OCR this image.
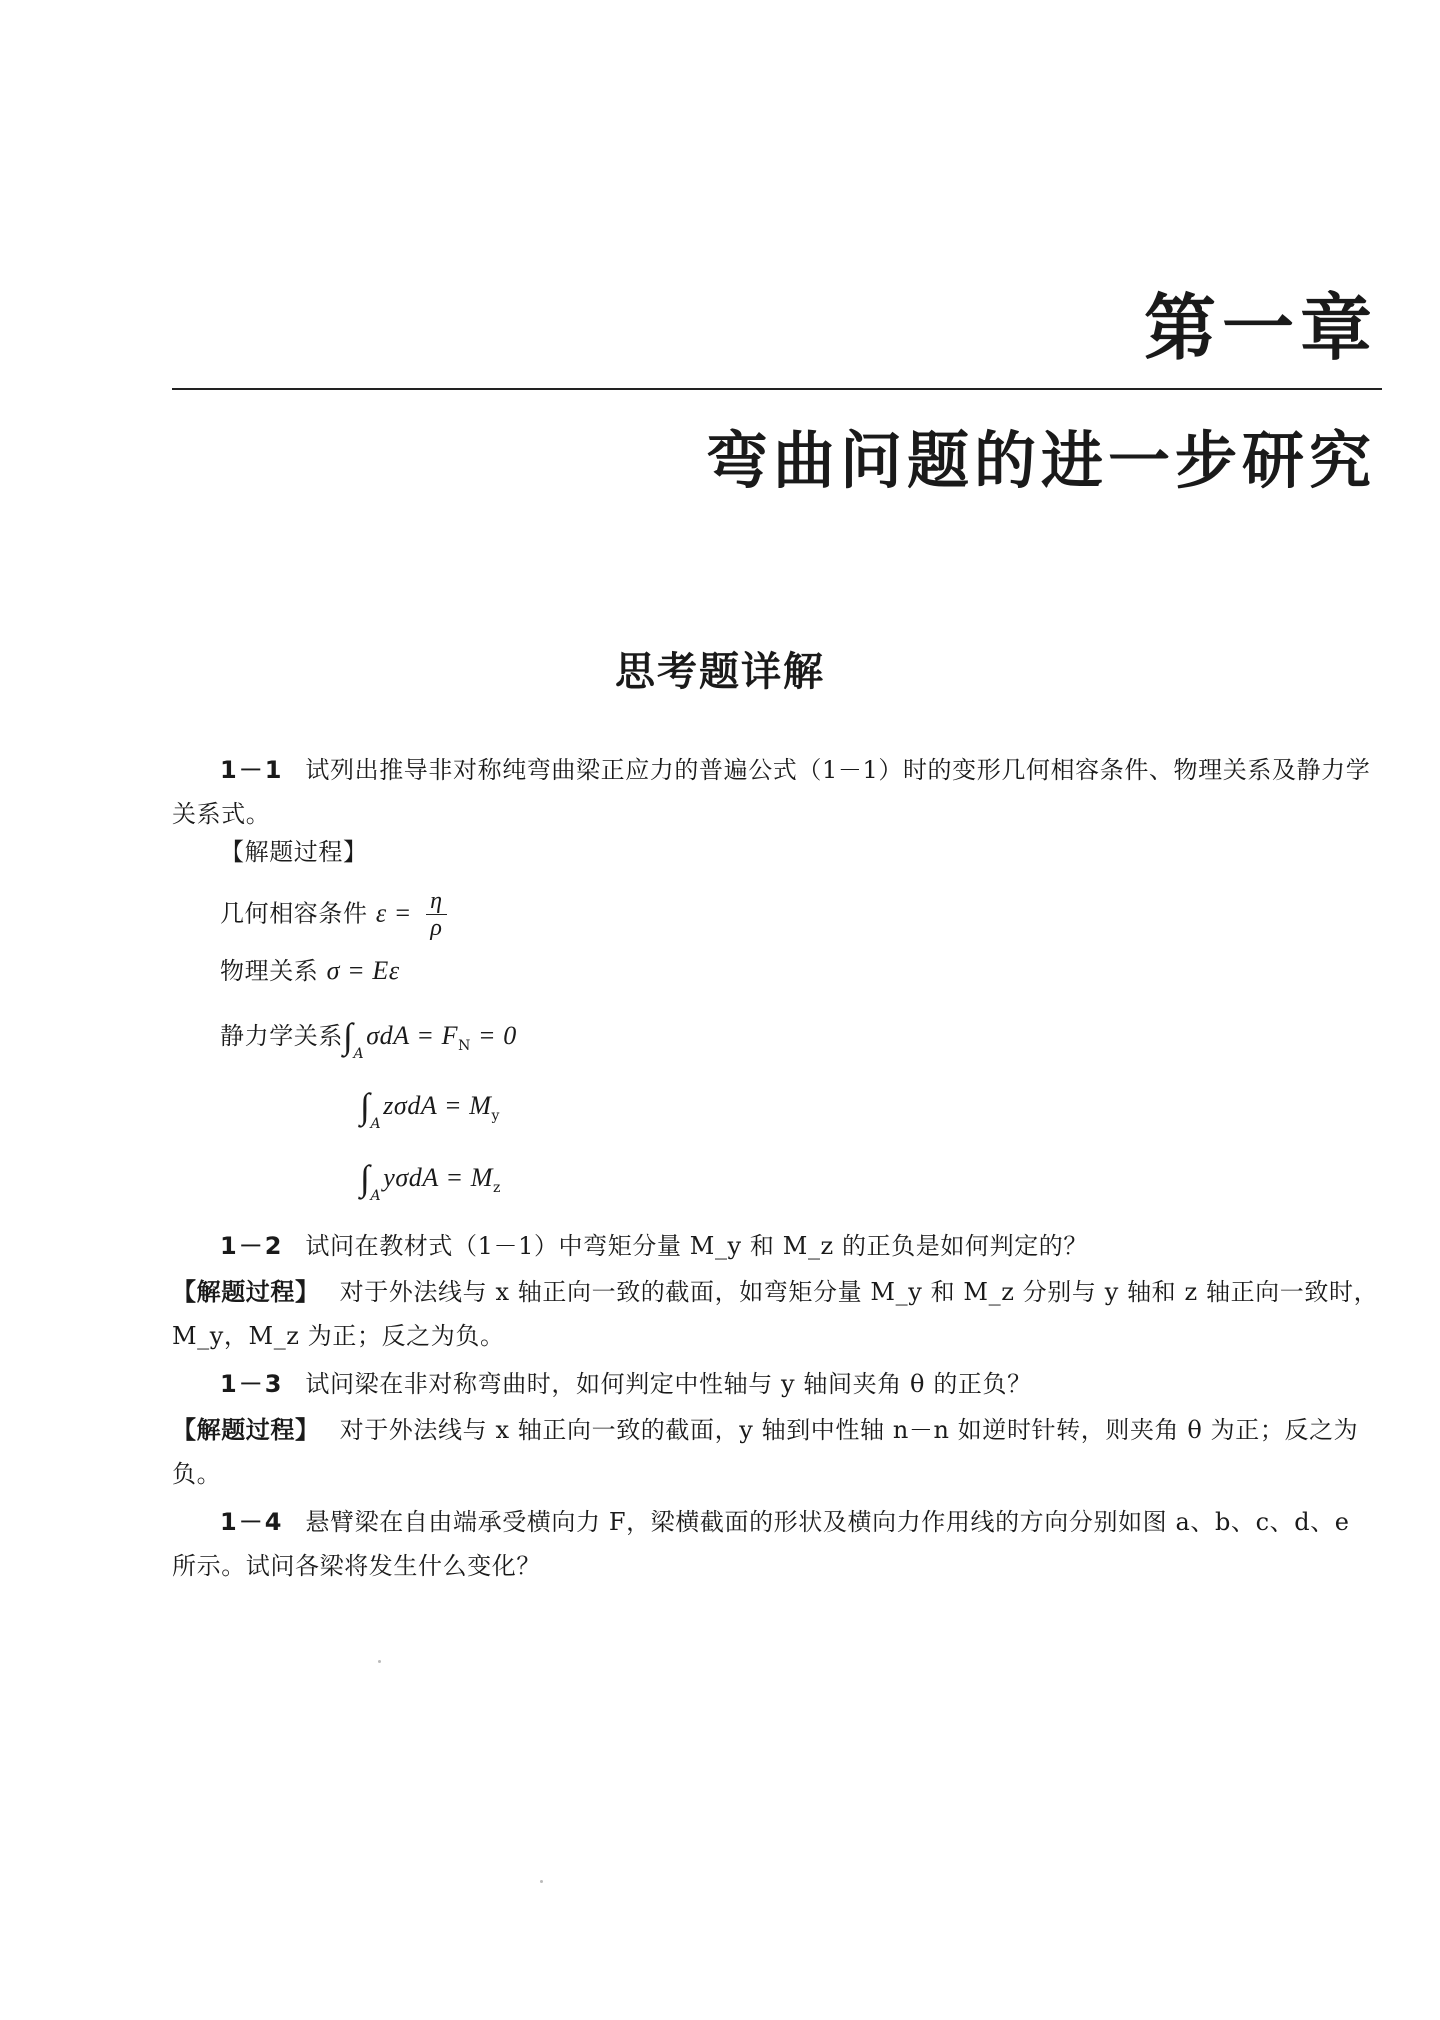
第一章
弯曲问题的进一步研究
思考题详解
1－1 试列出推导非对称纯弯曲梁正应力的普遍公式（1－1）时的变形几何相容条件、物理关系及静力学关系式。
【解题过程】
几何相容条件 $\varepsilon = \frac{\eta}{\rho}$
物理关系 σ = Eε
静力学关系$\int_A\sigma dA = F_N = 0$
$\int_Az\sigma dA = M_y$
$\int_Ay\sigma dA = M_z$
1－2 试问在教材式（1－1）中弯矩分量 M_y 和 M_z 的正负是如何判定的？
【解题过程】 对于外法线与 x 轴正向一致的截面，如弯矩分量 M_y 和 M_z 分别与 y 轴和 z 轴正向一致时，M_y，M_z 为正；反之为负。
1－3 试问梁在非对称弯曲时，如何判定中性轴与 y 轴间夹角 θ 的正负？
【解题过程】 对于外法线与 x 轴正向一致的截面，y 轴到中性轴 n－n 如逆时针转，则夹角 θ 为正；反之为负。
1－4 悬臂梁在自由端承受横向力 F，梁横截面的形状及横向力作用线的方向分别如图 a、b、c、d、e 所示。试问各梁将发生什么变化？
